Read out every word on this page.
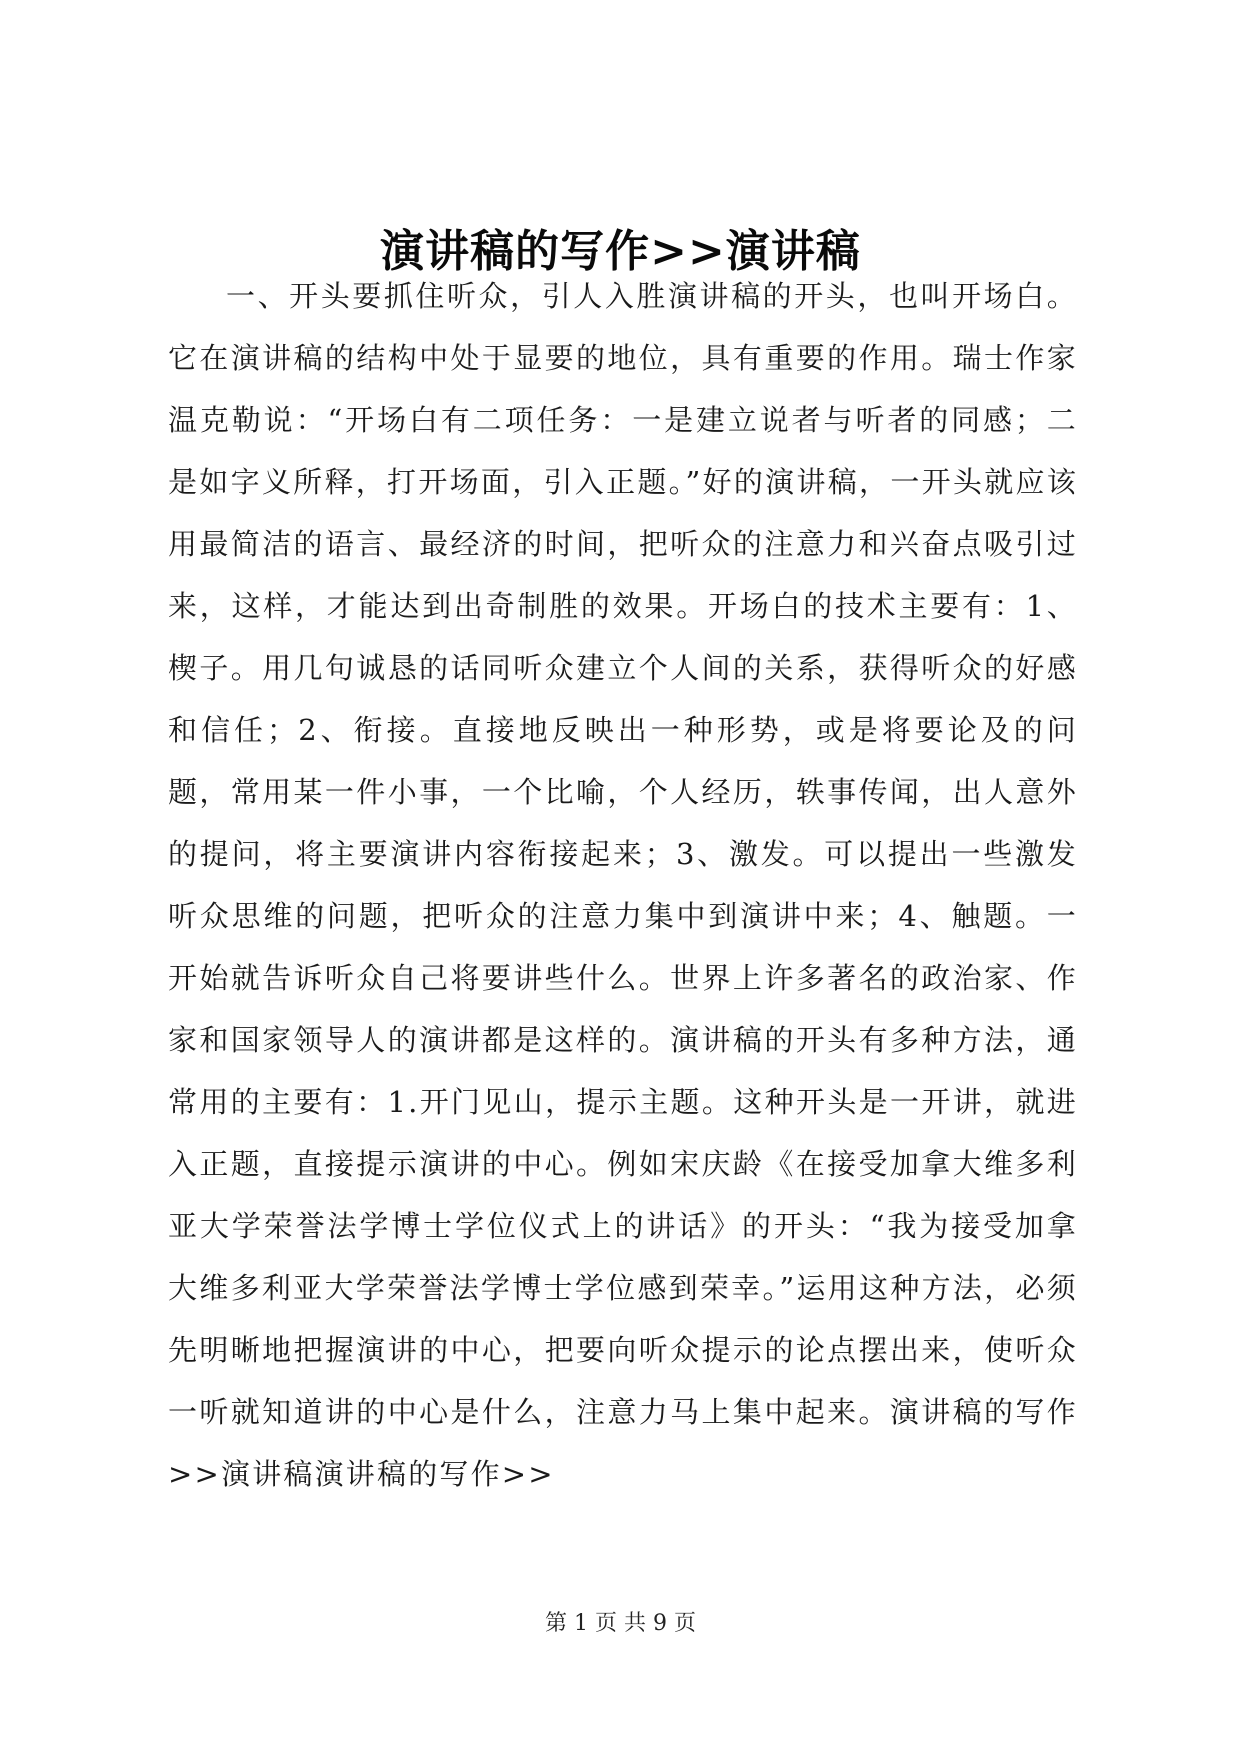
演讲稿的写作>>演讲稿
一、开头要抓住听众，引人入胜演讲稿的开头，也叫开场白。它在演讲稿的结构中处于显要的地位，具有重要的作用。瑞士作家温克勒说：“开场白有二项任务：一是建立说者与听者的同感；二是如字义所释，打开场面，引入正题。”好的演讲稿，一开头就应该用最简洁的语言、最经济的时间，把听众的注意力和兴奋点吸引过来，这样，才能达到出奇制胜的效果。开场白的技术主要有：1、楔子。用几句诚恳的话同听众建立个人间的关系，获得听众的好感和信任；2、衔接。直接地反映出一种形势，或是将要论及的问题，常用某一件小事，一个比喻，个人经历，轶事传闻，出人意外的提问，将主要演讲内容衔接起来；3、激发。可以提出一些激发听众思维的问题，把听众的注意力集中到演讲中来；4、触题。一开始就告诉听众自己将要讲些什么。世界上许多著名的政治家、作家和国家领导人的演讲都是这样的。演讲稿的开头有多种方法，通常用的主要有：1.开门见山，提示主题。这种开头是一开讲，就进入正题，直接提示演讲的中心。例如宋庆龄《在接受加拿大维多利亚大学荣誉法学博士学位仪式上的讲话》的开头：“我为接受加拿大维多利亚大学荣誉法学博士学位感到荣幸。”运用这种方法，必须先明晰地把握演讲的中心，把要向听众提示的论点摆出来，使听众一听就知道讲的中心是什么，注意力马上集中起来。演讲稿的写作>>演讲稿演讲稿的写作>>
第 1 页 共 9 页
